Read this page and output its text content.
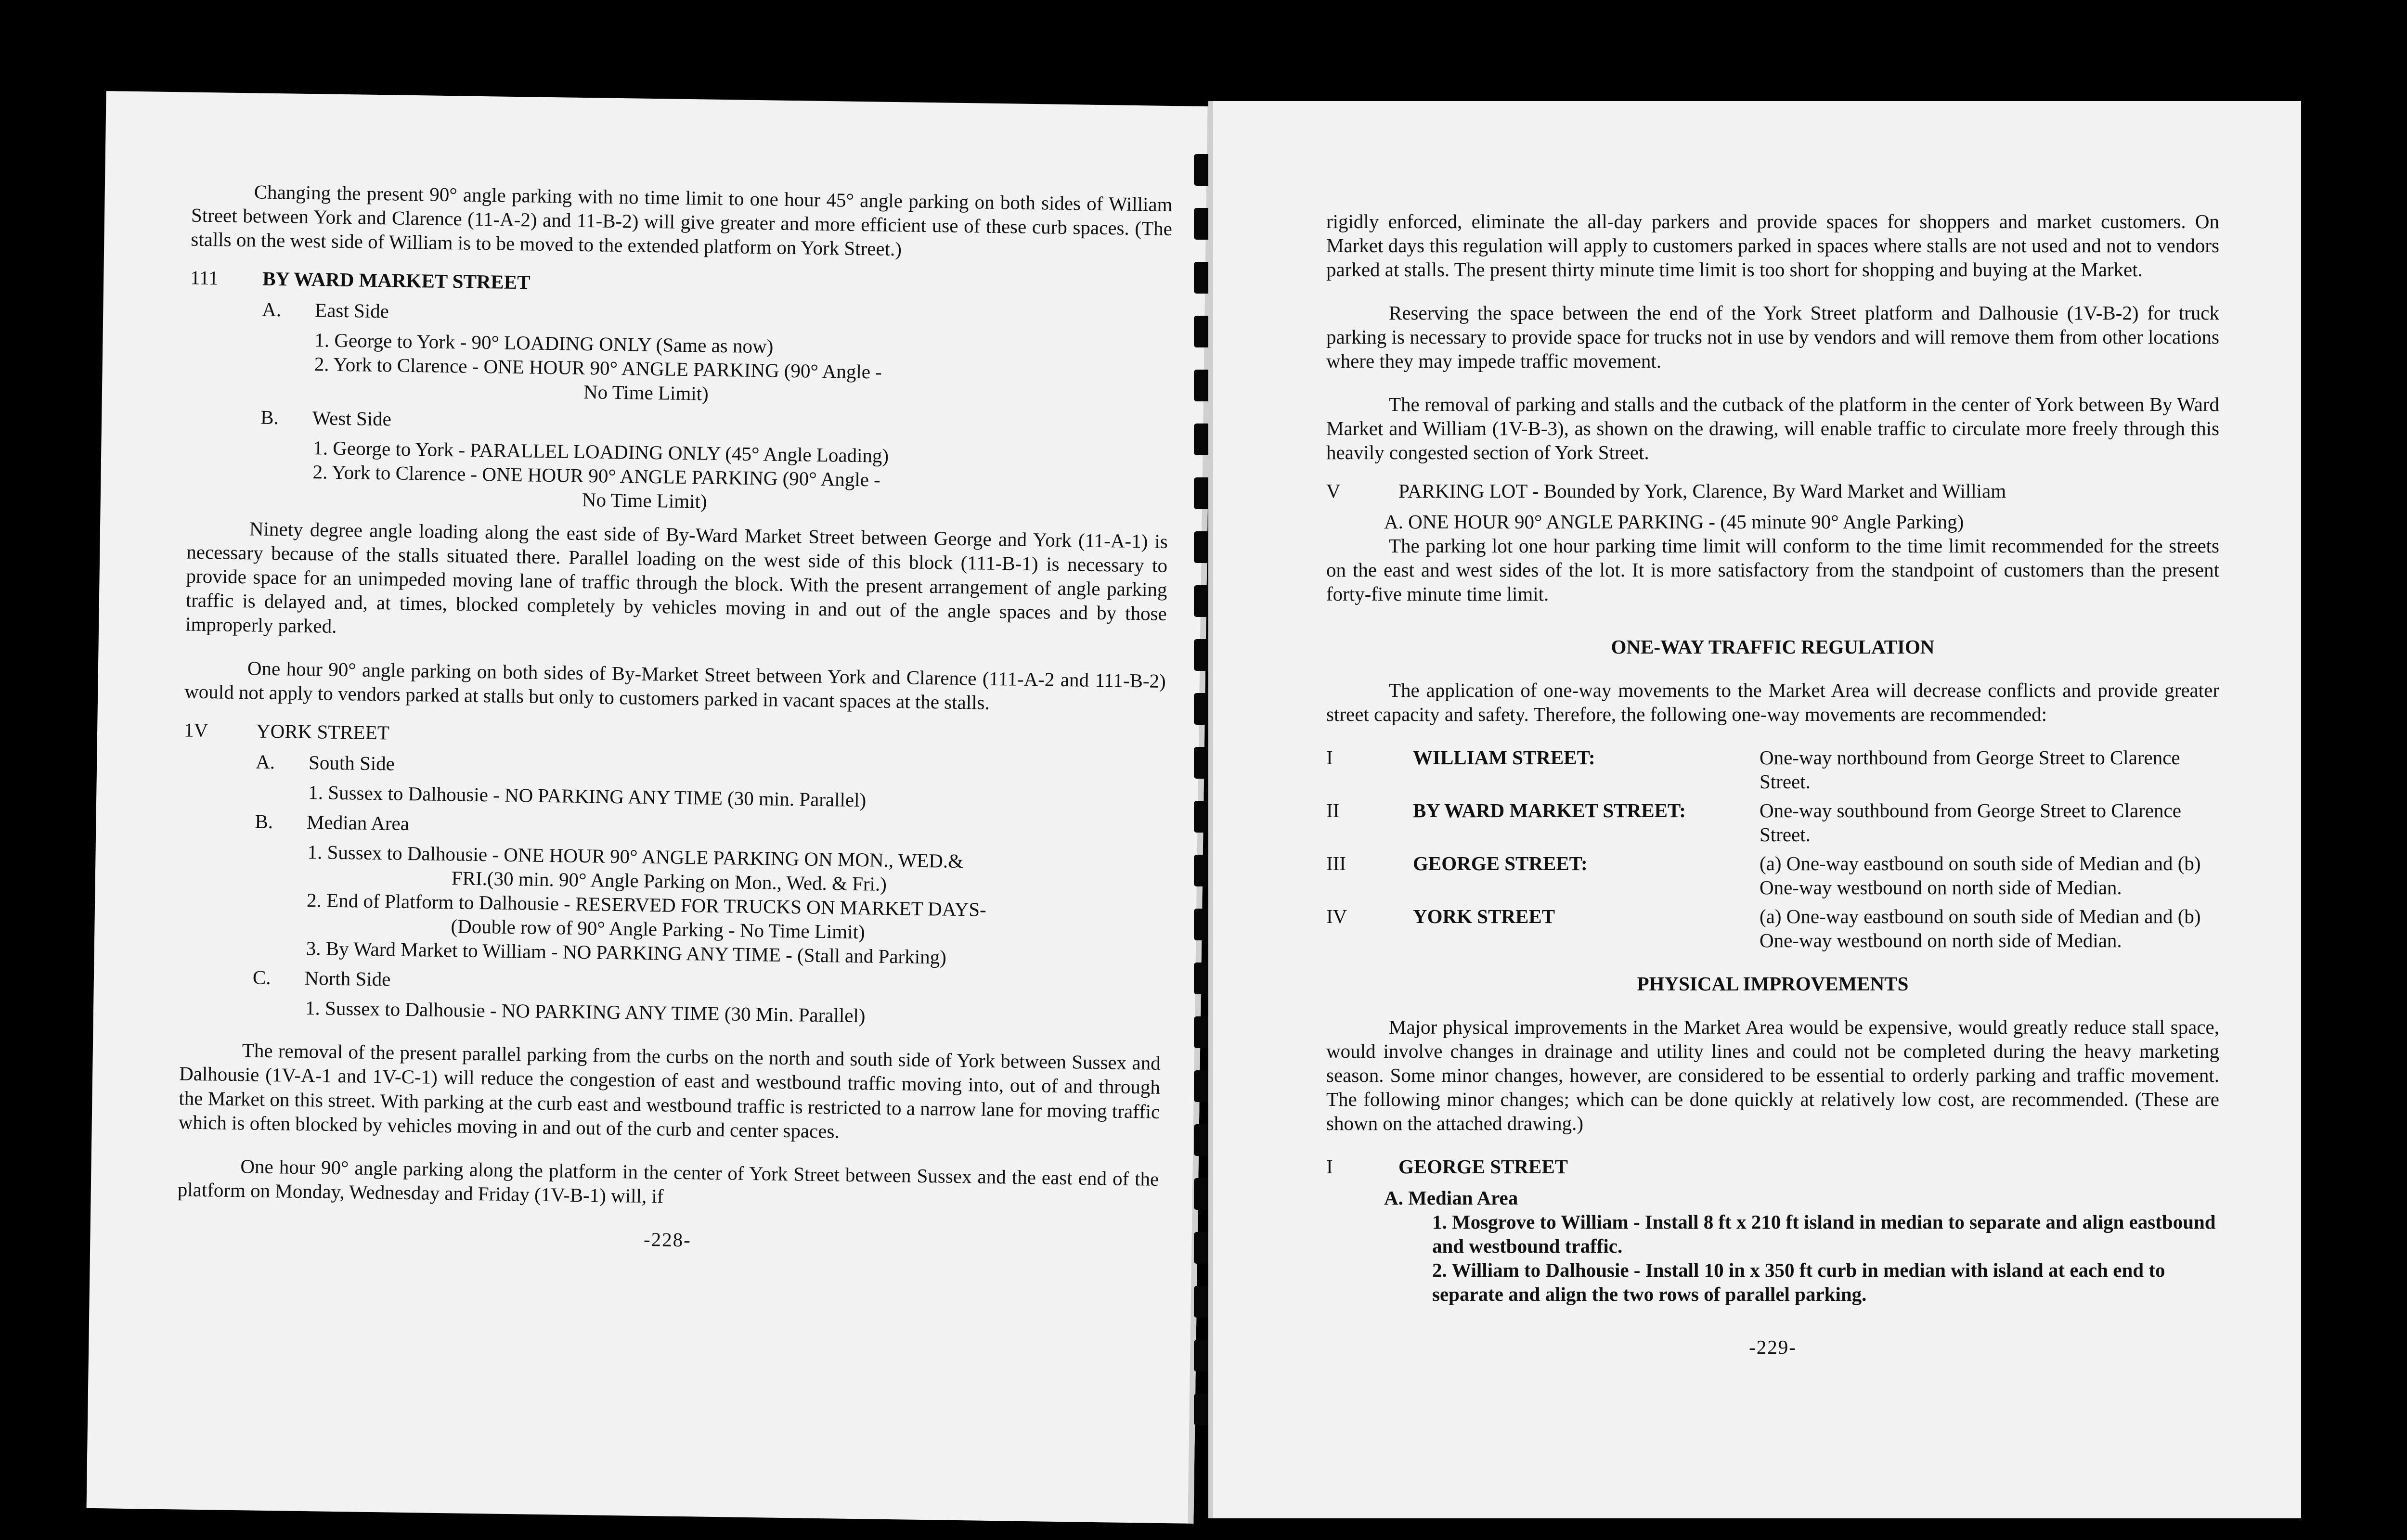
Changing the present 90° angle parking with no time limit to one hour 45° angle parking on both sides of William Street between York and Clarence (11-A-2) and 11-B-2) will give greater and more efficient use of these curb spaces. (The stalls on the west side of William is to be moved to the extended platform on York Street.)

111	BY WARD MARKET STREET
A. East Side
1. George to York - 90° LOADING ONLY (Same as now)
2. York to Clarence - ONE HOUR 90° ANGLE PARKING (90° Angle -
No Time Limit)
B. West Side
1. George to York - PARALLEL LOADING ONLY (45° Angle Loading)
2. York to Clarence - ONE HOUR 90° ANGLE PARKING (90° Angle -
No Time Limit)

Ninety degree angle loading along the east side of By-Ward Market Street between George and York (11-A-1) is necessary because of the stalls situated there. Parallel loading on the west side of this block (111-B-1) is necessary to provide space for an unimpeded moving lane of traffic through the block. With the present arrangement of angle parking traffic is delayed and, at times, blocked completely by vehicles moving in and out of the angle spaces and by those improperly parked.

One hour 90° angle parking on both sides of By-Market Street between York and Clarence (111-A-2 and 111-B-2) would not apply to vendors parked at stalls but only to customers parked in vacant spaces at the stalls.

1V	YORK STREET
A. South Side
1. Sussex to Dalhousie - NO PARKING ANY TIME (30 min. Parallel)
B. Median Area
1. Sussex to Dalhousie - ONE HOUR 90° ANGLE PARKING ON MON., WED.&
FRI.(30 min. 90° Angle Parking on Mon., Wed. & Fri.)
2. End of Platform to Dalhousie - RESERVED FOR TRUCKS ON MARKET DAYS-
(Double row of 90° Angle Parking - No Time Limit)
3. By Ward Market to William - NO PARKING ANY TIME - (Stall and Parking)
C. North Side
1. Sussex to Dalhousie - NO PARKING ANY TIME (30 Min. Parallel)

The removal of the present parallel parking from the curbs on the north and south side of York between Sussex and Dalhousie (1V-A-1 and 1V-C-1) will reduce the congestion of east and westbound traffic moving into, out of and through the Market on this street. With parking at the curb east and westbound traffic is restricted to a narrow lane for moving traffic which is often blocked by vehicles moving in and out of the curb and center spaces.

One hour 90° angle parking along the platform in the center of York Street between Sussex and the east end of the platform on Monday, Wednesday and Friday (1V-B-1) will, if

-228-

rigidly enforced, eliminate the all-day parkers and provide spaces for shoppers and market customers. On Market days this regulation will apply to customers parked in spaces where stalls are not used and not to vendors parked at stalls. The present thirty minute time limit is too short for shopping and buying at the Market.

Reserving the space between the end of the York Street platform and Dalhousie (1V-B-2) for truck parking is necessary to provide space for trucks not in use by vendors and will remove them from other locations where they may impede traffic movement.

The removal of parking and stalls and the cutback of the platform in the center of York between By Ward Market and William (1V-B-3), as shown on the drawing, will enable traffic to circulate more freely through this heavily congested section of York Street.

V	PARKING LOT - Bounded by York, Clarence, By Ward Market and William
A. ONE HOUR 90° ANGLE PARKING - (45 minute 90° Angle Parking)

The parking lot one hour parking time limit will conform to the time limit recommended for the streets on the east and west sides of the lot. It is more satisfactory from the standpoint of customers than the present forty-five minute time limit.

ONE-WAY TRAFFIC REGULATION

The application of one-way movements to the Market Area will decrease conflicts and provide greater street capacity and safety. Therefore, the following one-way movements are recommended:

I	WILLIAM STREET:	One-way northbound from George Street to Clarence Street.
II	BY WARD MARKET STREET:	One-way southbound from George Street to Clarence Street.
III	GEORGE STREET:	(a) One-way eastbound on south side of Median and (b) One-way westbound on north side of Median.
IV	YORK STREET	(a) One-way eastbound on south side of Median and (b) One-way westbound on north side of Median.
PHYSICAL IMPROVEMENTS

Major physical improvements in the Market Area would be expensive, would greatly reduce stall space, would involve changes in drainage and utility lines and could not be completed during the heavy marketing season. Some minor changes, however, are considered to be essential to orderly parking and traffic movement. The following minor changes; which can be done quickly at relatively low cost, are recommended. (These are shown on the attached drawing.)

I	GEORGE STREET
A. Median Area
1. Mosgrove to William - Install 8 ft x 210 ft island in median to separate and align eastbound and westbound traffic.
2. William to Dalhousie - Install 10 in x 350 ft curb in median with island at each end to separate and align the two rows of parallel parking.
-229-
